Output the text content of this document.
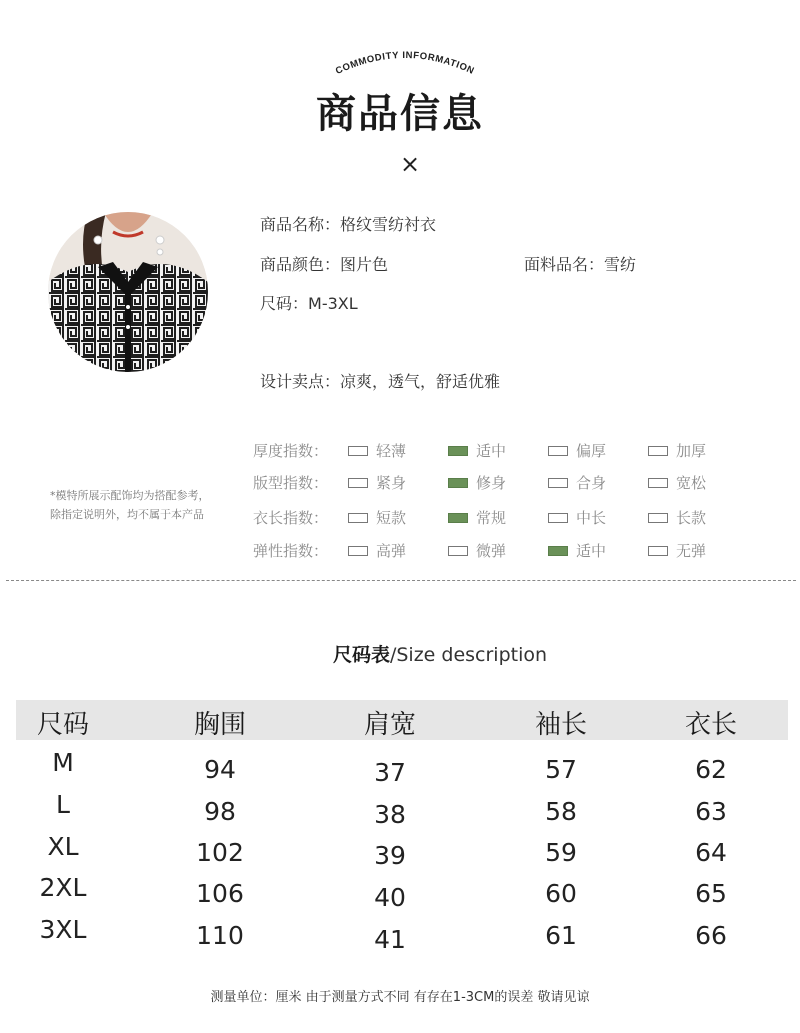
COMMODITY INFORMATION
商品信息
×
商品名称：格纹雪纺衬衣
商品颜色：图片色	面料品名：雪纺
尺码：M-3XL
设计卖点：凉爽，透气，舒适优雅
厚度指数：	轻薄	适中	偏厚	加厚
版型指数：	紧身	修身	合身	宽松
衣长指数：	短款	常规	中长	长款
弹性指数：	高弹	微弹	适中	无弹
*模特所展示配饰均为搭配参考，除指定说明外，均不属于本产品
尺码表/Size description
尺码	胸围	肩宽	袖长	衣长
M	94	37	57	62
L	98	38	58	63
XL	102	39	59	64
2XL	106	40	60	65
3XL	110	41	61	66
测量单位：厘米 由于测量方式不同 有存在1-3CM的误差 敬请见谅
